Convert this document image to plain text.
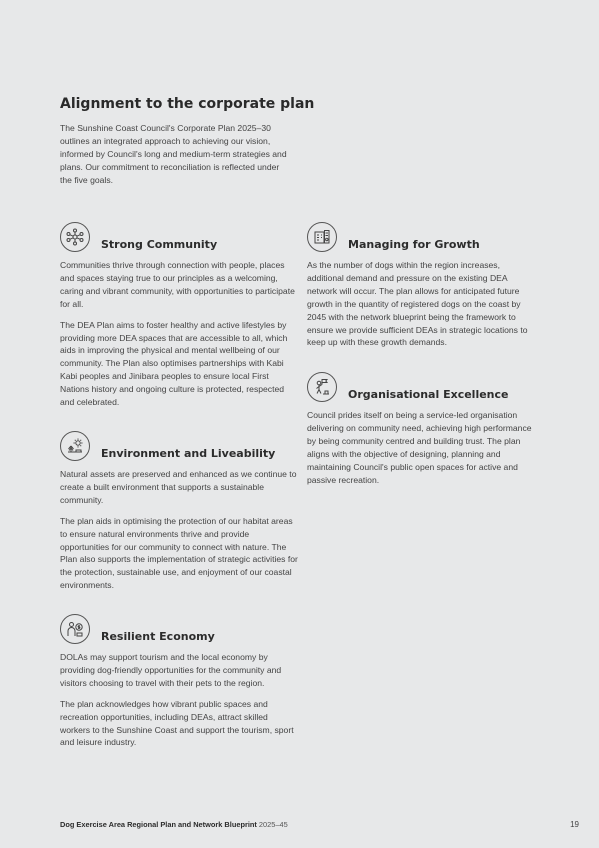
Alignment to the corporate plan

The Sunshine Coast Council's Corporate Plan 2025–30 outlines an integrated approach to achieving our vision, informed by Council's long and medium-term strategies and plans. Our commitment to reconciliation is reflected under the five goals.

Strong Community

Communities thrive through connection with people, places and spaces staying true to our principles as a welcoming, caring and vibrant community, with opportunities to participate for all.

The DEA Plan aims to foster healthy and active lifestyles by providing more DEA spaces that are accessible to all, which aids in improving the physical and mental wellbeing of our community. The Plan also optimises partnerships with Kabi Kabi peoples and Jinibara peoples to ensure local First Nations history and ongoing culture is protected, respected and celebrated.

Environment and Liveability

Natural assets are preserved and enhanced as we continue to create a built environment that supports a sustainable community.

The plan aids in optimising the protection of our habitat areas to ensure natural environments thrive and provide opportunities for our community to connect with nature. The Plan also supports the implementation of strategic activities for the protection, sustainable use, and enjoyment of our coastal environments.

Resilient Economy

DOLAs may support tourism and the local economy by providing dog-friendly opportunities for the community and visitors choosing to travel with their pets to the region.

The plan acknowledges how vibrant public spaces and recreation opportunities, including DEAs, attract skilled workers to the Sunshine Coast and support the tourism, sport and leisure industry.

Managing for Growth

As the number of dogs within the region increases, additional demand and pressure on the existing DEA network will occur. The plan allows for anticipated future growth in the quantity of registered dogs on the coast by 2045 with the network blueprint being the framework to ensure we provide sufficient DEAs in strategic locations to keep up with these growth demands.

Organisational Excellence

Council prides itself on being a service-led organisation delivering on community need, achieving high performance by being community centred and building trust. The plan aligns with the objective of designing, planning and maintaining Council's public open spaces for active and passive recreation.

Dog Exercise Area Regional Plan and Network Blueprint 2025–45	19
